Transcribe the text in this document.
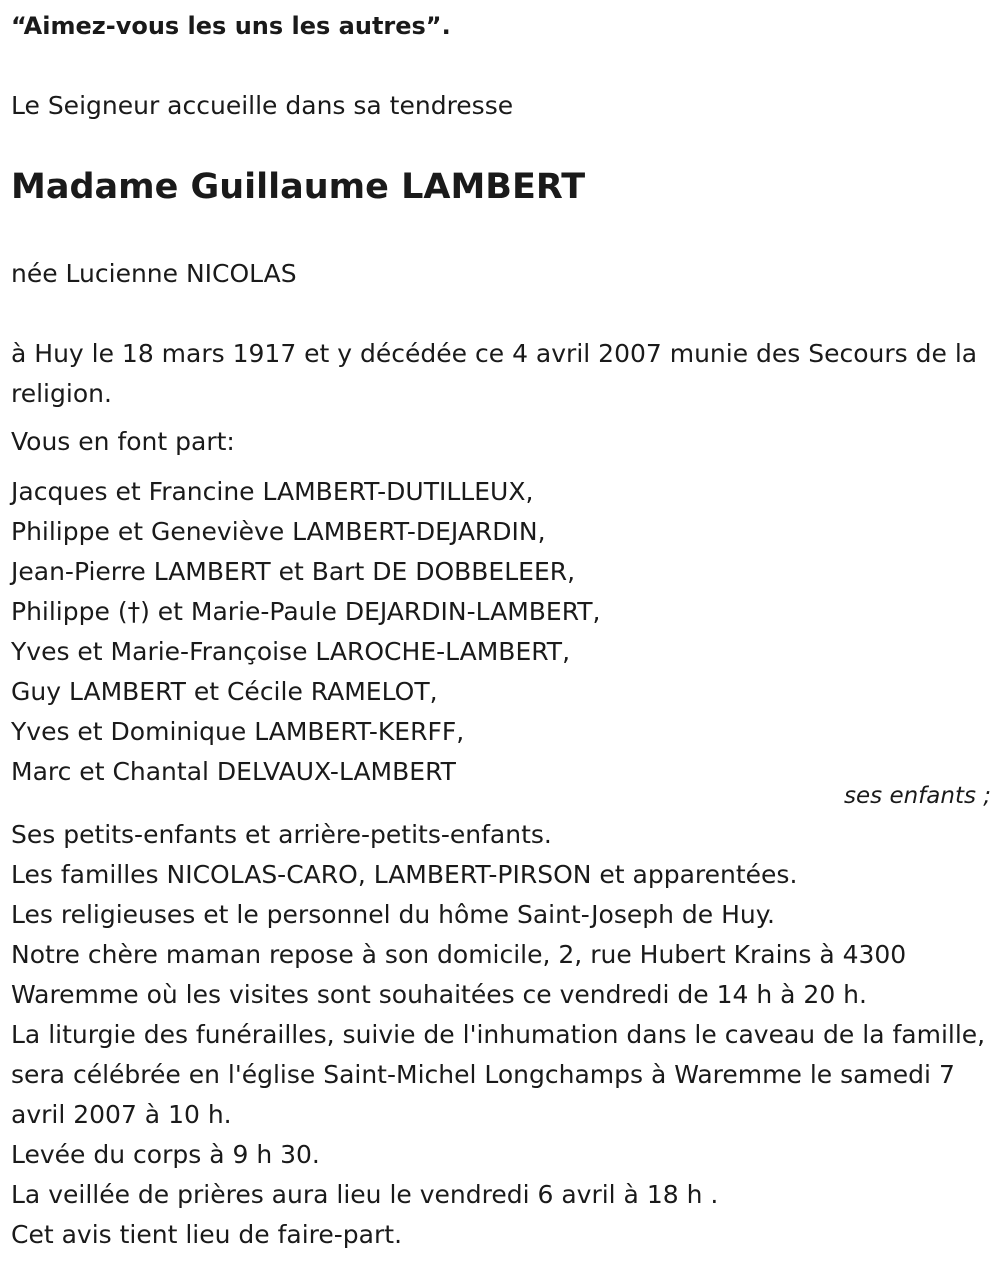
“Aimez-vous les uns les autres”.
Le Seigneur accueille dans sa tendresse
Madame Guillaume LAMBERT
née Lucienne NICOLAS
à Huy le 18 mars 1917 et y décédée ce 4 avril 2007 munie des Secours de la religion.
Vous en font part:
Jacques et Francine LAMBERT-DUTILLEUX,
Philippe et Geneviève LAMBERT-DEJARDIN,
Jean-Pierre LAMBERT et Bart DE DOBBELEER,
Philippe (†) et Marie-Paule DEJARDIN-LAMBERT,
Yves et Marie-Françoise LAROCHE-LAMBERT,
Guy LAMBERT et Cécile RAMELOT,
Yves et Dominique LAMBERT-KERFF,
Marc et Chantal DELVAUX-LAMBERT
ses enfants ;
Ses petits-enfants et arrière-petits-enfants.
Les familles NICOLAS-CARO, LAMBERT-PIRSON et apparentées.
Les religieuses et le personnel du hôme Saint-Joseph de Huy.
Notre chère maman repose à son domicile, 2, rue Hubert Krains à 4300 Waremme où les visites sont souhaitées ce vendredi de 14 h à 20 h.
La liturgie des funérailles, suivie de l'inhumation dans le caveau de la famille, sera célébrée en l'église Saint-Michel Longchamps à Waremme le samedi 7 avril 2007 à 10 h.
Levée du corps à 9 h 30.
La veillée de prières aura lieu le vendredi 6 avril à 18 h .
Cet avis tient lieu de faire-part.
